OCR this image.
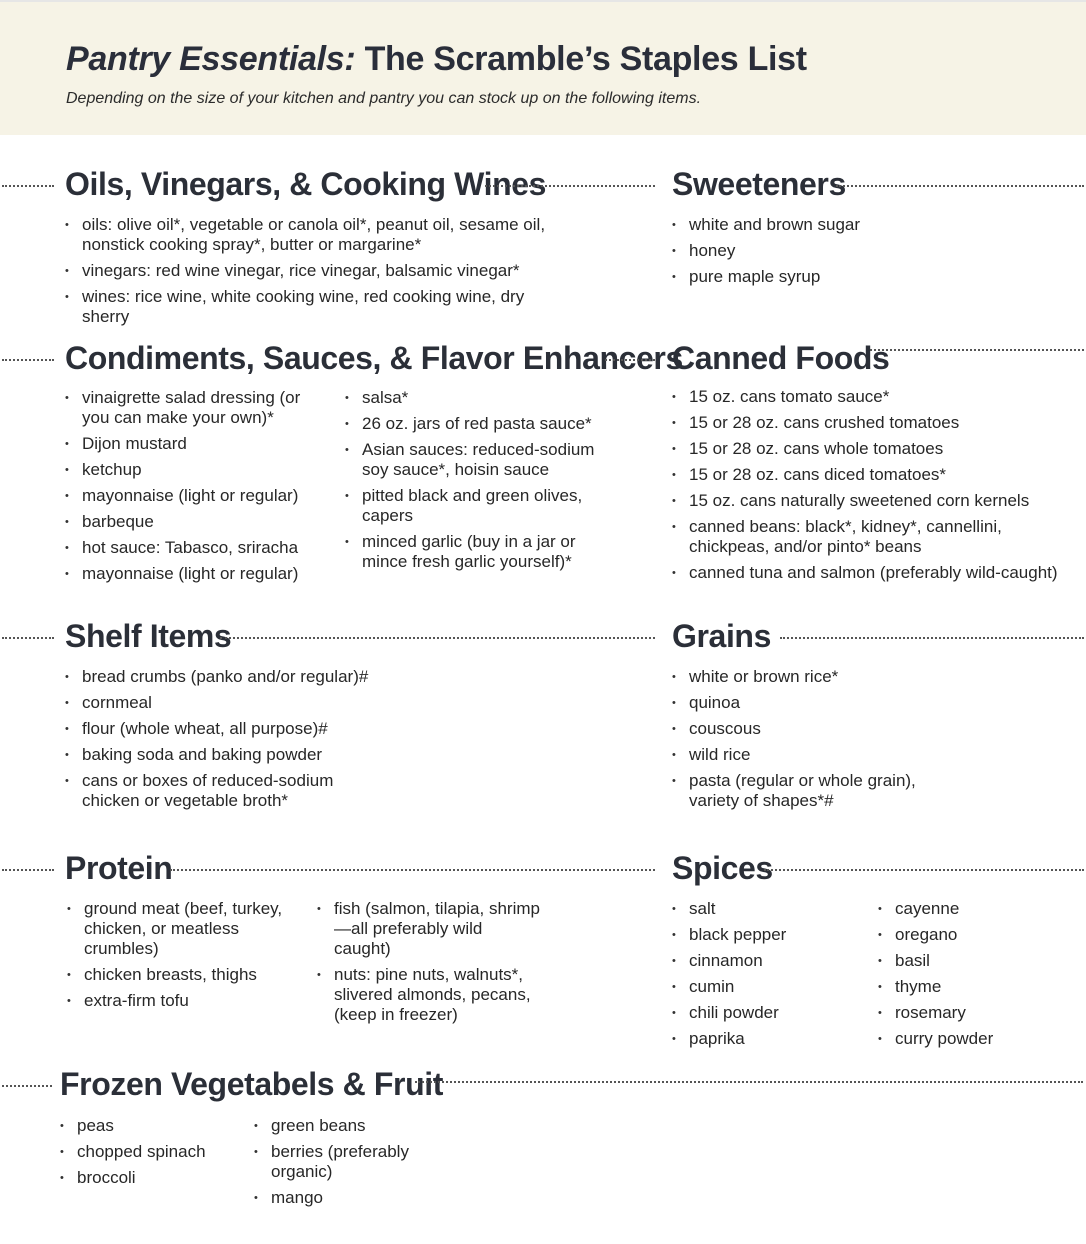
Pantry Essentials: The Scramble’s Staples List

Depending on the size of your kitchen and pantry you can stock up on the following items.

Oils, Vinegars, & Cooking Wines
• oils: olive oil*, vegetable or canola oil*, peanut oil, sesame oil, nonstick cooking spray*, butter or margarine*
• vinegars: red wine vinegar, rice vinegar, balsamic vinegar*
• wines: rice wine, white cooking wine, red cooking wine, dry sherry
Sweeteners
• white and brown sugar
• honey
• pure maple syrup
Condiments, Sauces, & Flavor Enhancers
• vinaigrette salad dressing (or you can make your own)*
• Dijon mustard
• ketchup
• mayonnaise (light or regular)
• barbeque
• hot sauce: Tabasco, sriracha
• mayonnaise (light or regular)
• salsa*
• 26 oz. jars of red pasta sauce*
• Asian sauces: reduced-sodium soy sauce*, hoisin sauce
• pitted black and green olives, capers
• minced garlic (buy in a jar or mince fresh garlic yourself)*
Canned Foods
• 15 oz. cans tomato sauce*
• 15 or 28 oz. cans crushed tomatoes
• 15 or 28 oz. cans whole tomatoes
• 15 or 28 oz. cans diced tomatoes*
• 15 oz. cans naturally sweetened corn kernels
• canned beans: black*, kidney*, cannellini, chickpeas, and/or pinto* beans
• canned tuna and salmon (preferably wild-caught)
Shelf Items
• bread crumbs (panko and/or regular)#
• cornmeal
• flour (whole wheat, all purpose)#
• baking soda and baking powder
• cans or boxes of reduced-sodium chicken or vegetable broth*
Grains
• white or brown rice*
• quinoa
• couscous
• wild rice
• pasta (regular or whole grain), variety of shapes*#
Protein
• ground meat (beef, turkey, chicken, or meatless crumbles)
• chicken breasts, thighs
• extra-firm tofu
• fish (salmon, tilapia, shrimp—all preferably wild caught)
• nuts: pine nuts, walnuts*, slivered almonds, pecans, (keep in freezer)
Spices
• salt
• black pepper
• cinnamon
• cumin
• chili powder
• paprika
• cayenne
• oregano
• basil
• thyme
• rosemary
• curry powder
Frozen Vegetabels & Fruit
• peas
• chopped spinach
• broccoli
• green beans
• berries (preferably organic)
• mango
